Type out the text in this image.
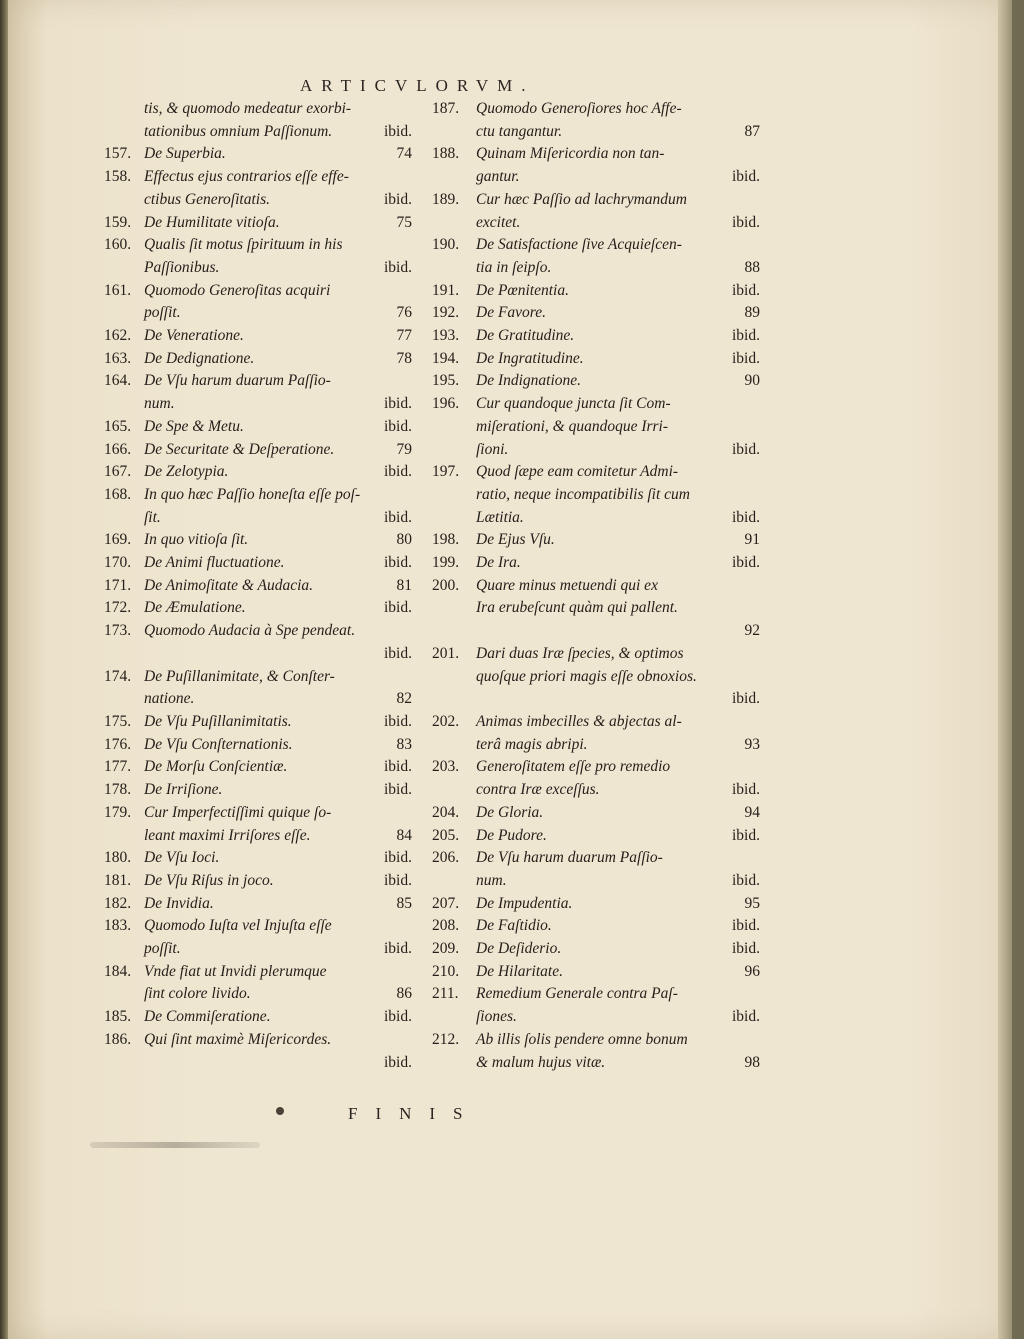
ARTICVLORVM.
tis, & quomodo medeatur exorbi-
tationibus omnium Paſſionum.	ibid.
157. De Superbia.	74
158. Effectus ejus contrarios eſſe effe-
ctibus Generoſitatis.	ibid.
159. De Humilitate vitioſa.	75
160. Qualis ſit motus ſpirituum in his
Paſſionibus.	ibid.
161. Quomodo Generoſitas acquiri
poſſit.	76
162. De Veneratione.	77
163. De Dedignatione.	78
164. De Vſu harum duarum Paſſio-
num.	ibid.
165. De Spe & Metu.	ibid.
166. De Securitate & Deſperatione.	79
167. De Zelotypia.	ibid.
168. In quo hæc Paſſio honeſta eſſe poſ-
ſit.	ibid.
169. In quo vitioſa ſit.	80
170. De Animi fluctuatione.	ibid.
171. De Animoſitate & Audacia.	81
172. De Æmulatione.	ibid.
173. Quomodo Audacia à Spe pendeat.
ibid.
174. De Puſillanimitate, & Conſter-
natione.	82
175. De Vſu Puſillanimitatis.	ibid.
176. De Vſu Conſternationis.	83
177. De Morſu Conſcientiæ.	ibid.
178. De Irriſione.	ibid.
179. Cur Imperfectiſſimi quique ſo-
leant maximi Irriſores eſſe.	84
180. De Vſu Ioci.	ibid.
181. De Vſu Riſus in joco.	ibid.
182. De Invidia.	85
183. Quomodo Iuſta vel Injuſta eſſe
poſſit.	ibid.
184. Vnde fiat ut Invidi plerumque
ſint colore livido.	86
185. De Commiſeratione.	ibid.
186. Qui ſint maximè Miſericordes.
ibid.
187.	Quomodo Generoſiores hoc Affe-
ctu tangantur.	87
188.	Quinam Miſericordia non tan-
gantur.	ibid.
189.	Cur hæc Paſſio ad lachrymandum
excitet.	ibid.
190.	De Satisfactione ſive Acquieſcen-
tia in ſeipſo.	88
191.	De Pœnitentia.	ibid.
192.	De Favore.	89
193.	De Gratitudine.	ibid.
194.	De Ingratitudine.	ibid.
195.	De Indignatione.	90
196.	Cur quandoque juncta ſit Com-
miſerationi, & quandoque Irri-
ſioni.	ibid.
197.	Quod ſæpe eam comitetur Admi-
ratio, neque incompatibilis ſit cum
Lætitia.	ibid.
198.	De Ejus Vſu.	91
199.	De Ira.	ibid.
200.	Quare minus metuendi qui ex
Ira erubeſcunt quàm qui pallent.
92
201.	Dari duas Iræ ſpecies, & optimos
quoſque priori magis eſſe obnoxios.
ibid.
202.	Animas imbecilles & abjectas al-
terâ magis abripi.	93
203.	Generoſitatem eſſe pro remedio
contra Iræ exceſſus.	ibid.
204.	De Gloria.	94
205.	De Pudore.	ibid.
206.	De Vſu harum duarum Paſſio-
num.	ibid.
207.	De Impudentia.	95
208.	De Faſtidio.	ibid.
209.	De Deſiderio.	ibid.
210.	De Hilaritate.	96
211.	Remedium Generale contra Paſ-
ſiones.	ibid.
212.	Ab illis ſolis pendere omne bonum
& malum hujus vitæ.	98
FINIS
